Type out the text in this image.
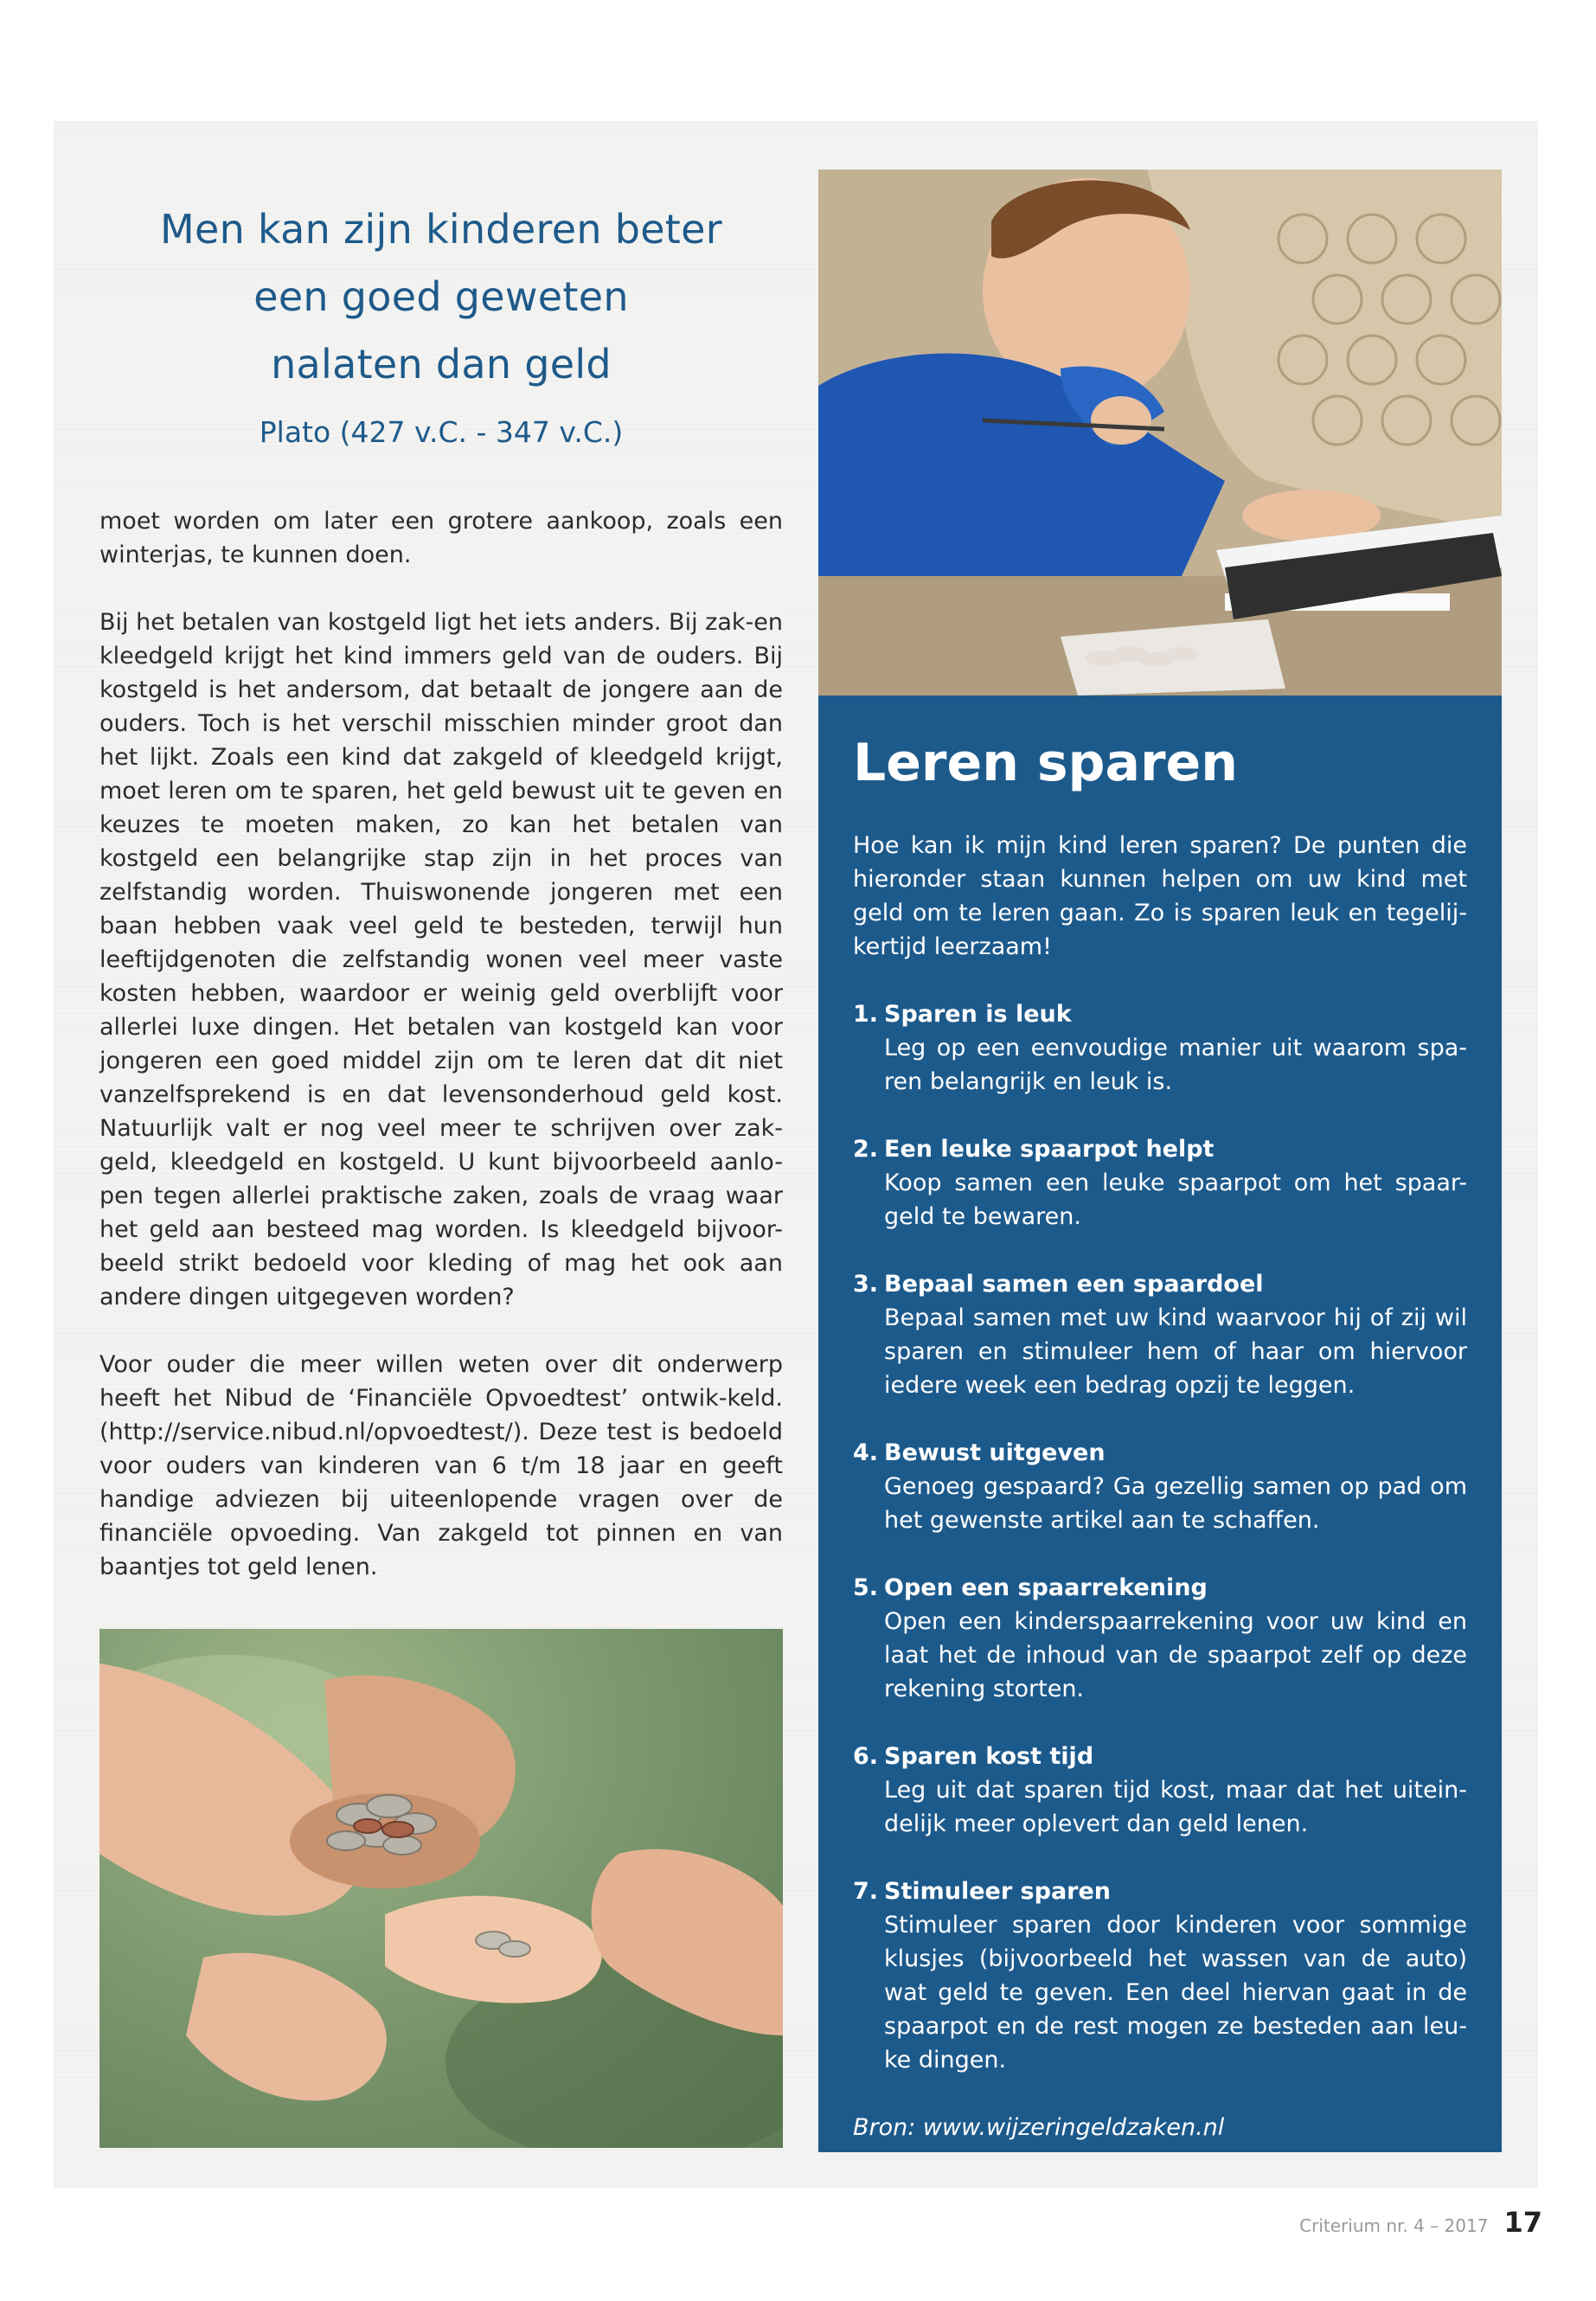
Men kan zijn kinderen beter
een goed geweten
nalaten dan geld
Plato (427 v.C. - 347 v.C.)

moet worden om later een grotere aankoop, zoals een winterjas, te kunnen doen.

Bij het betalen van kostgeld ligt het iets anders. Bij zak-en kleedgeld krijgt het kind immers geld van de ouders. Bij kostgeld is het andersom, dat betaalt de jongere aan de ouders. Toch is het verschil misschien minder groot dan het lijkt. Zoals een kind dat zakgeld of kleedgeld krijgt, moet leren om te sparen, het geld bewust uit te geven en keuzes te moeten maken, zo kan het betalen van kostgeld een belangrijke stap zijn in het proces van zelfstandig worden. Thuiswonende jongeren met een baan hebben vaak veel geld te besteden, terwijl hun leeftijdgenoten die zelfstandig wonen veel meer vaste kosten hebben, waardoor er weinig geld overblijft voor allerlei luxe dingen. Het betalen van kostgeld kan voor jongeren een goed middel zijn om te leren dat dit niet vanzelfsprekend is en dat levensonderhoud geld kost. Natuurlijk valt er nog veel meer te schrijven over zak-geld, kleedgeld en kostgeld. U kunt bijvoorbeeld aanlo-pen tegen allerlei praktische zaken, zoals de vraag waar het geld aan besteed mag worden. Is kleedgeld bijvoor-beeld strikt bedoeld voor kleding of mag het ook aan andere dingen uitgegeven worden?

Voor ouder die meer willen weten over dit onderwerp heeft het Nibud de ‘Financiële Opvoedtest’ ontwik-keld. (http://service.nibud.nl/opvoedtest/). Deze test is bedoeld voor ouders van kinderen van 6 t/m 18 jaar en geeft handige adviezen bij uiteenlopende vragen over de financiële opvoeding. Van zakgeld tot pinnen en van baantjes tot geld lenen.

Leren sparen
Hoe kan ik mijn kind leren sparen? De punten die hieronder staan kunnen helpen om uw kind met geld om te leren gaan. Zo is sparen leuk en tegelij-kertijd leerzaam!
1. Sparen is leuk
Leg op een eenvoudige manier uit waarom spa-ren belangrijk en leuk is.
2. Een leuke spaarpot helpt
Koop samen een leuke spaarpot om het spaar-geld te bewaren.
3. Bepaal samen een spaardoel
Bepaal samen met uw kind waarvoor hij of zij wil sparen en stimuleer hem of haar om hiervoor iedere week een bedrag opzij te leggen.
4. Bewust uitgeven
Genoeg gespaard? Ga gezellig samen op pad om het gewenste artikel aan te schaffen.
5. Open een spaarrekening
Open een kinderspaarrekening voor uw kind en laat het de inhoud van de spaarpot zelf op deze rekening storten.
6. Sparen kost tijd
Leg uit dat sparen tijd kost, maar dat het uitein-delijk meer oplevert dan geld lenen.
7. Stimuleer sparen
Stimuleer sparen door kinderen voor sommige klusjes (bijvoorbeeld het wassen van de auto) wat geld te geven. Een deel hiervan gaat in de spaarpot en de rest mogen ze besteden aan leu-ke dingen.
Bron: www.wijzeringeldzaken.nl
Criterium nr. 4 – 2017 17
